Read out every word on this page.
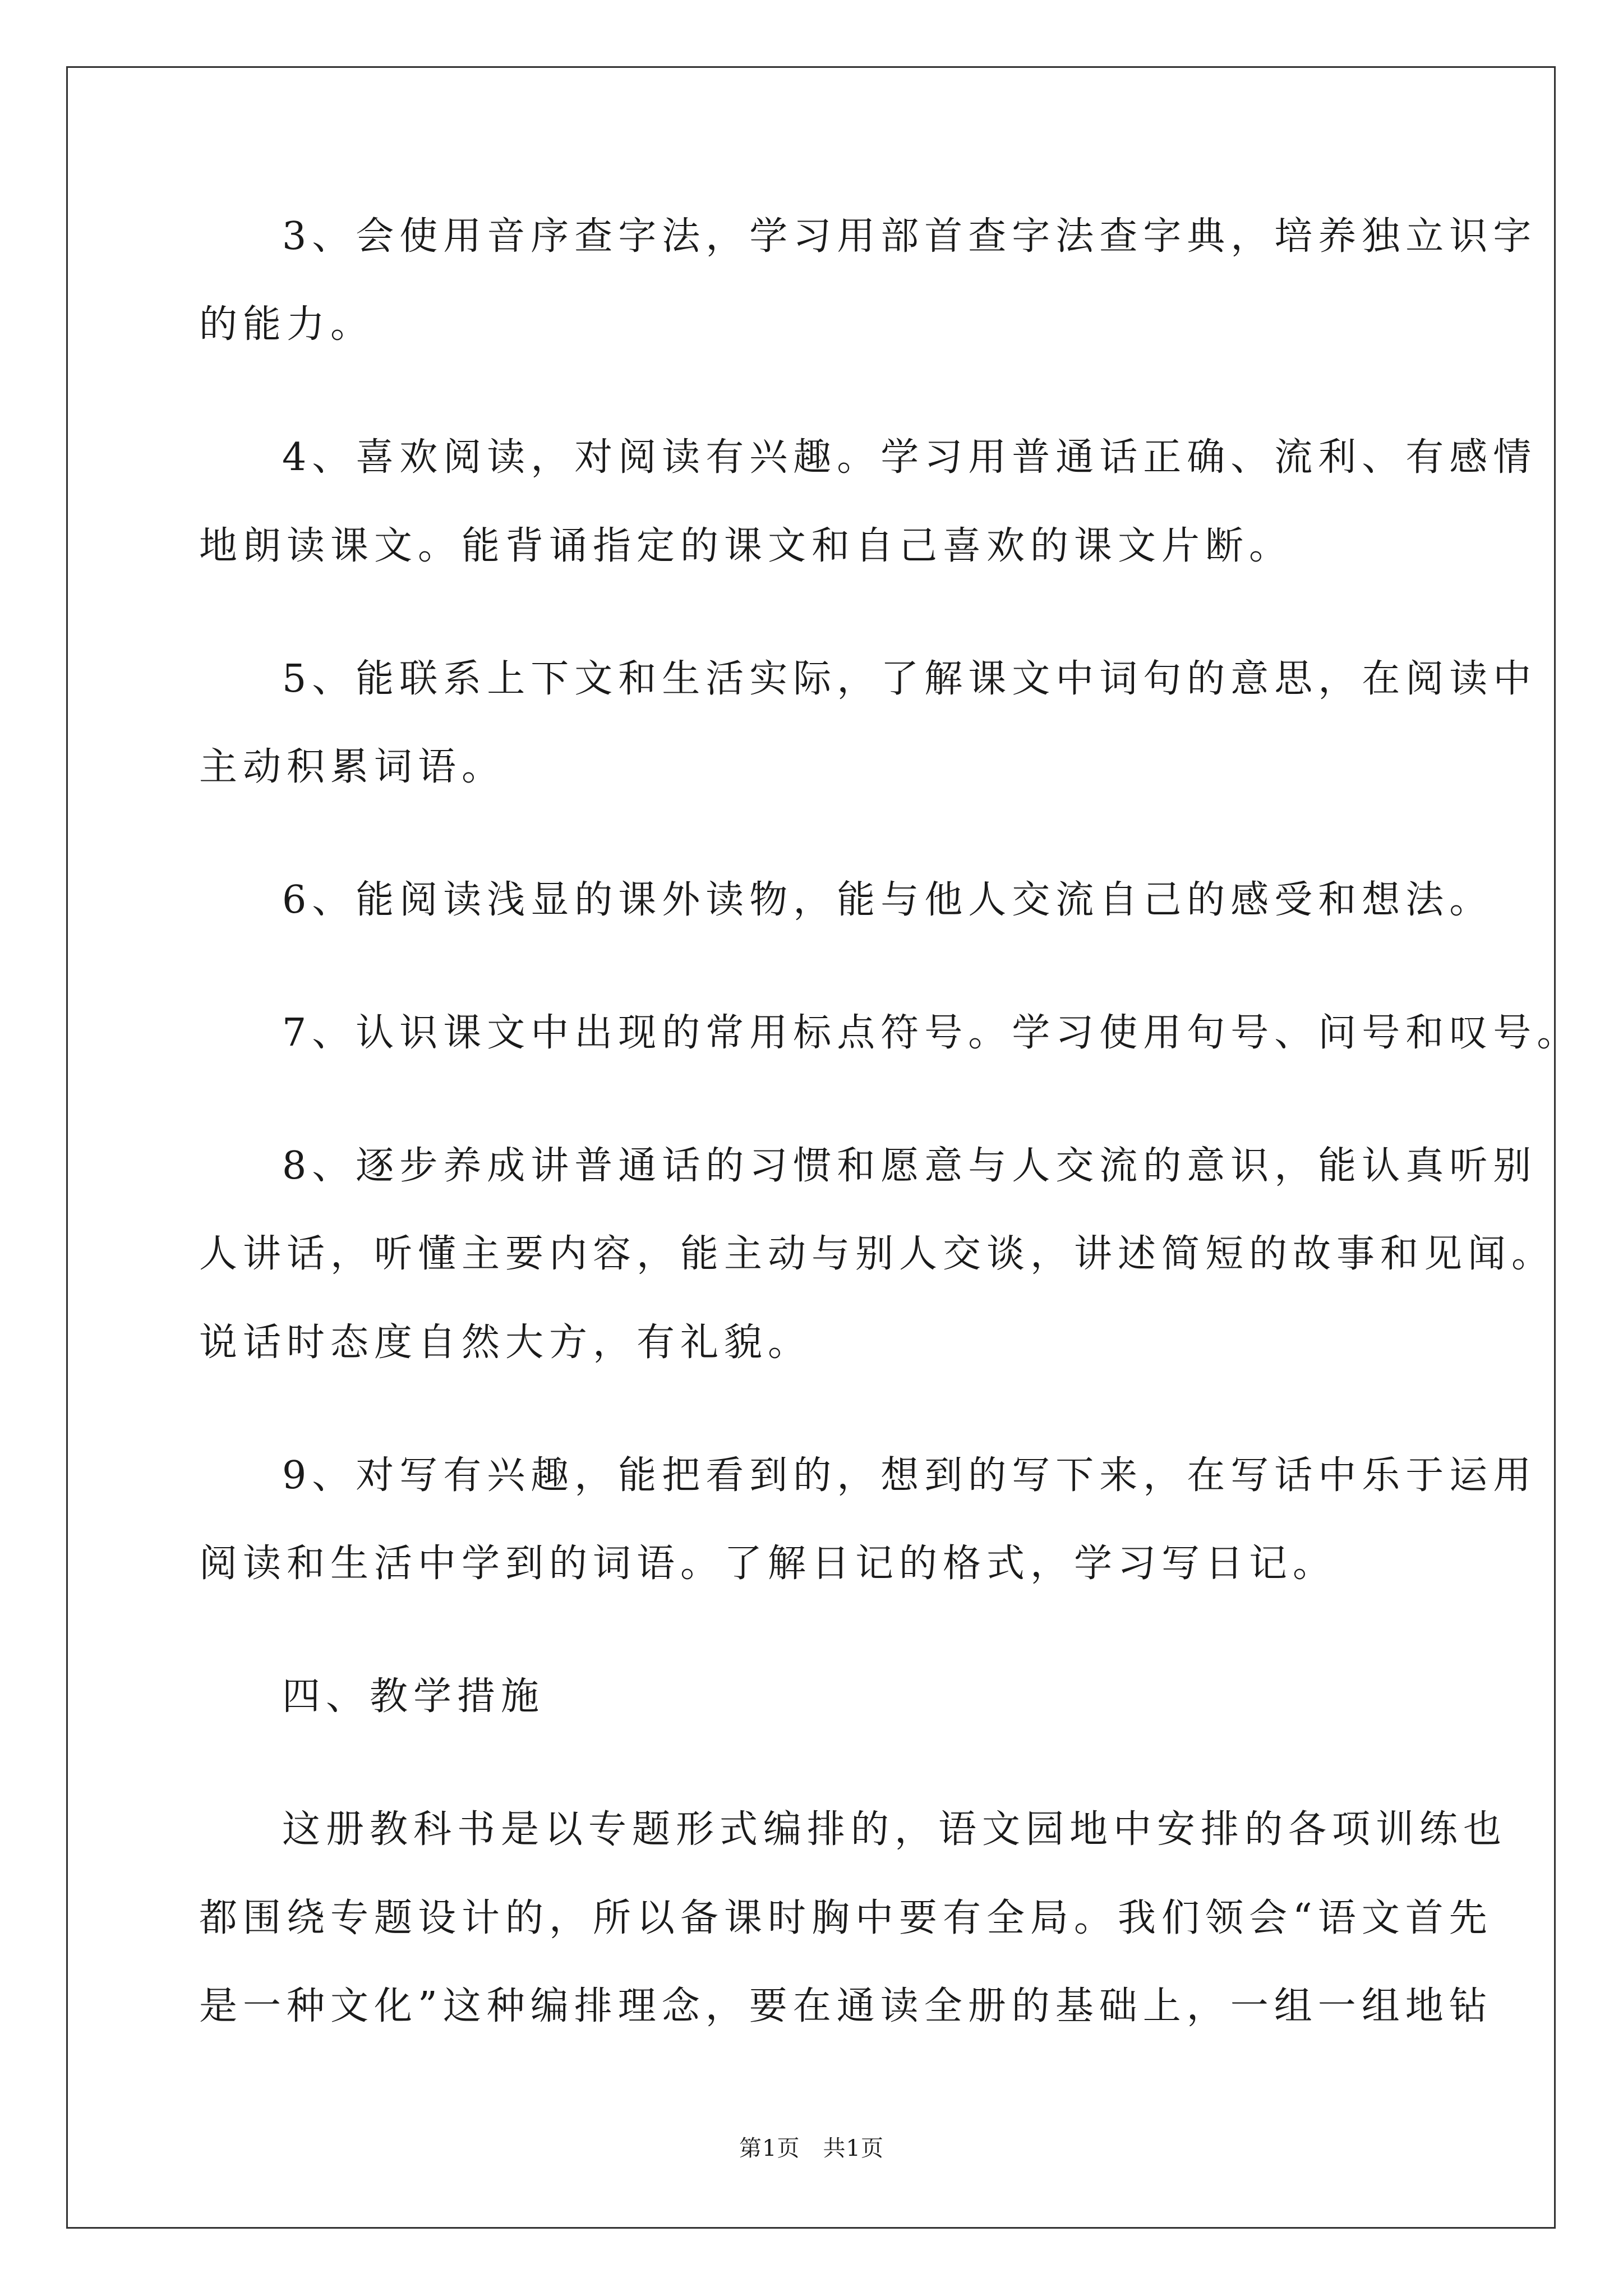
3、会使用音序查字法，学习用部首查字法查字典，培养独立识字
的能力。
4、喜欢阅读，对阅读有兴趣。学习用普通话正确、流利、有感情
地朗读课文。能背诵指定的课文和自己喜欢的课文片断。
5、能联系上下文和生活实际，了解课文中词句的意思，在阅读中
主动积累词语。
6、能阅读浅显的课外读物，能与他人交流自己的感受和想法。
7、认识课文中出现的常用标点符号。学习使用句号、问号和叹号。
8、逐步养成讲普通话的习惯和愿意与人交流的意识，能认真听别
人讲话，听懂主要内容，能主动与别人交谈，讲述简短的故事和见闻。
说话时态度自然大方，有礼貌。
9、对写有兴趣，能把看到的，想到的写下来，在写话中乐于运用
阅读和生活中学到的词语。了解日记的格式，学习写日记。
四、教学措施
这册教科书是以专题形式编排的，语文园地中安排的各项训练也
都围绕专题设计的，所以备课时胸中要有全局。我们领会“语文首先
是一种文化”这种编排理念，要在通读全册的基础上，一组一组地钻
第1页　共1页
